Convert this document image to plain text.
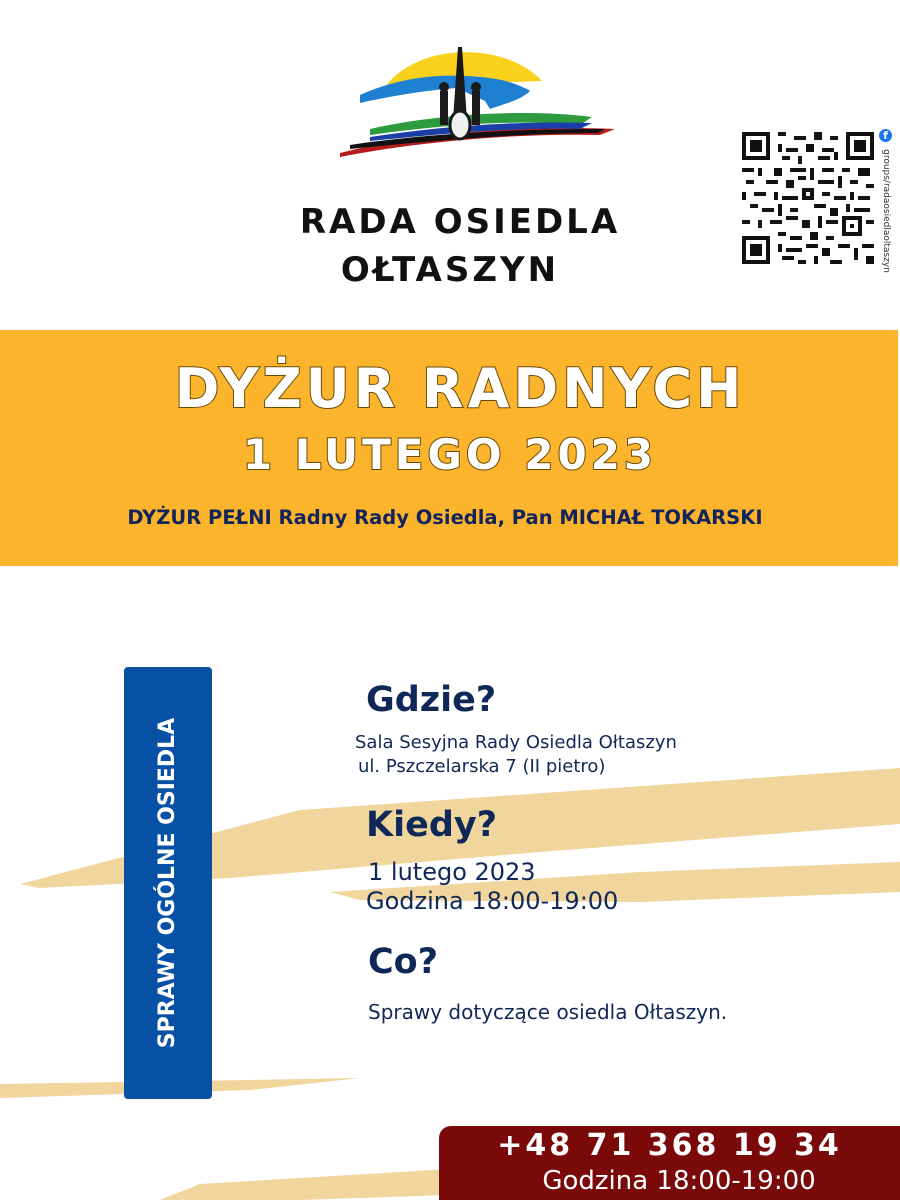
RADA OSIEDLA
OŁTASZYN
f
groups/radaosiedlaoltaszyn
DYŻUR RADNYCH
1 LUTEGO 2023
DYŻUR PEŁNI Radny Rady Osiedla, Pan MICHAŁ TOKARSKI
SPRAWY OGÓLNE OSIEDLA
Gdzie?
Sala Sesyjna Rady Osiedla Ołtaszyn
ul. Pszczelarska 7 (II pietro)
Kiedy?
1 lutego 2023
Godzina 18:00-19:00
Co?
Sprawy dotyczące osiedla Ołtaszyn.
+48 71 368 19 34
Godzina 18:00-19:00
